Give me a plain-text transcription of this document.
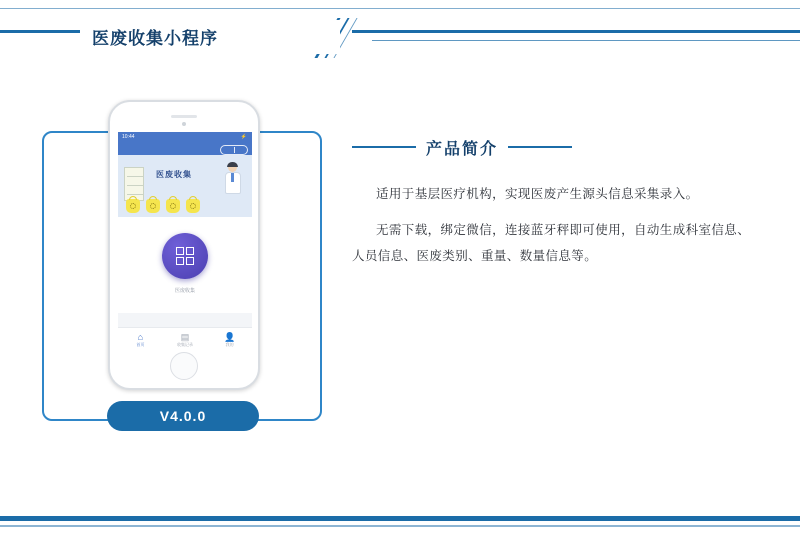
医废收集小程序
10:44	⚡
医废收集
医废收集
⌂
首页
▤
收集记录
👤
我的
V4.0.0
产品简介

适用于基层医疗机构，实现医废产生源头信息采集录入。

无需下载，绑定微信，连接蓝牙秤即可使用，自动生成科室信息、人员信息、医废类别、重量、数量信息等。
